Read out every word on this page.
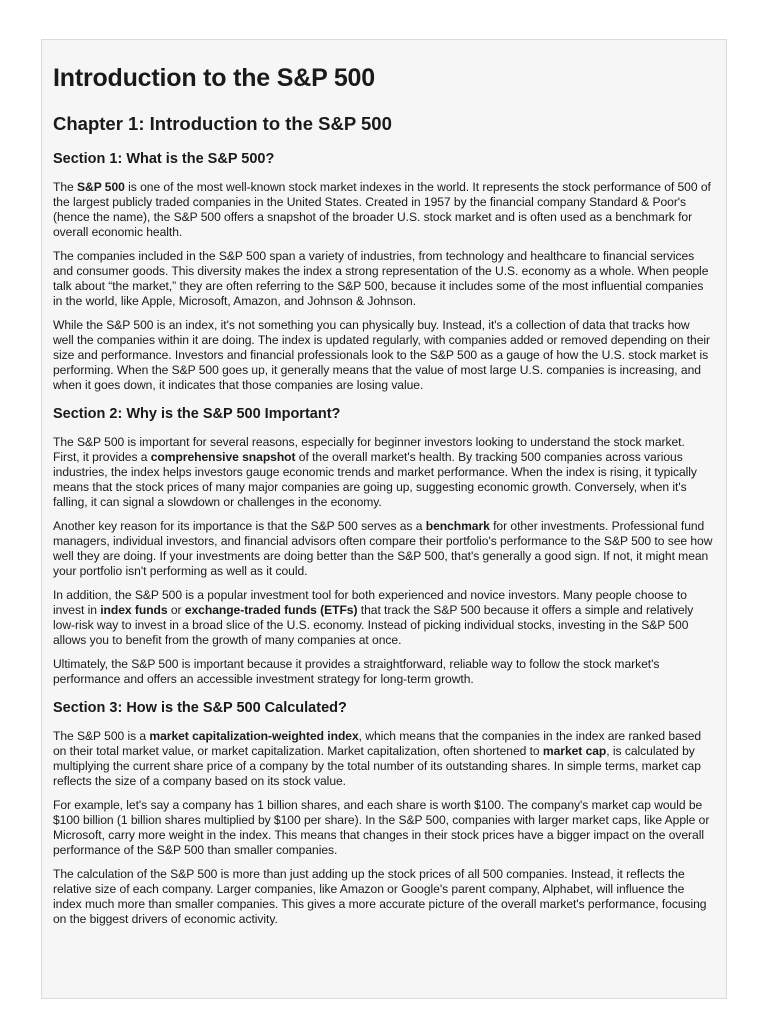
Introduction to the S&P 500
Chapter 1: Introduction to the S&P 500
Section 1: What is the S&P 500?

The S&P 500 is one of the most well-known stock market indexes in the world. It represents the stock performance of 500 of the largest publicly traded companies in the United States. Created in 1957 by the financial company Standard & Poor's (hence the name), the S&P 500 offers a snapshot of the broader U.S. stock market and is often used as a benchmark for overall economic health.

The companies included in the S&P 500 span a variety of industries, from technology and healthcare to financial services and consumer goods. This diversity makes the index a strong representation of the U.S. economy as a whole. When people talk about “the market,” they are often referring to the S&P 500, because it includes some of the most influential companies in the world, like Apple, Microsoft, Amazon, and Johnson & Johnson.

While the S&P 500 is an index, it's not something you can physically buy. Instead, it's a collection of data that tracks how well the companies within it are doing. The index is updated regularly, with companies added or removed depending on their size and performance. Investors and financial professionals look to the S&P 500 as a gauge of how the U.S. stock market is performing. When the S&P 500 goes up, it generally means that the value of most large U.S. companies is increasing, and when it goes down, it indicates that those companies are losing value.

Section 2: Why is the S&P 500 Important?

The S&P 500 is important for several reasons, especially for beginner investors looking to understand the stock market. First, it provides a comprehensive snapshot of the overall market's health. By tracking 500 companies across various industries, the index helps investors gauge economic trends and market performance. When the index is rising, it typically means that the stock prices of many major companies are going up, suggesting economic growth. Conversely, when it's falling, it can signal a slowdown or challenges in the economy.

Another key reason for its importance is that the S&P 500 serves as a benchmark for other investments. Professional fund managers, individual investors, and financial advisors often compare their portfolio's performance to the S&P 500 to see how well they are doing. If your investments are doing better than the S&P 500, that's generally a good sign. If not, it might mean your portfolio isn't performing as well as it could.

In addition, the S&P 500 is a popular investment tool for both experienced and novice investors. Many people choose to invest in index funds or exchange-traded funds (ETFs) that track the S&P 500 because it offers a simple and relatively low-risk way to invest in a broad slice of the U.S. economy. Instead of picking individual stocks, investing in the S&P 500 allows you to benefit from the growth of many companies at once.

Ultimately, the S&P 500 is important because it provides a straightforward, reliable way to follow the stock market's performance and offers an accessible investment strategy for long-term growth.

Section 3: How is the S&P 500 Calculated?

The S&P 500 is a market capitalization-weighted index, which means that the companies in the index are ranked based on their total market value, or market capitalization. Market capitalization, often shortened to market cap, is calculated by multiplying the current share price of a company by the total number of its outstanding shares. In simple terms, market cap reflects the size of a company based on its stock value.

For example, let's say a company has 1 billion shares, and each share is worth $100. The company's market cap would be $100 billion (1 billion shares multiplied by $100 per share). In the S&P 500, companies with larger market caps, like Apple or Microsoft, carry more weight in the index. This means that changes in their stock prices have a bigger impact on the overall performance of the S&P 500 than smaller companies.

The calculation of the S&P 500 is more than just adding up the stock prices of all 500 companies. Instead, it reflects the relative size of each company. Larger companies, like Amazon or Google's parent company, Alphabet, will influence the index much more than smaller companies. This gives a more accurate picture of the overall market's performance, focusing on the biggest drivers of economic activity.
